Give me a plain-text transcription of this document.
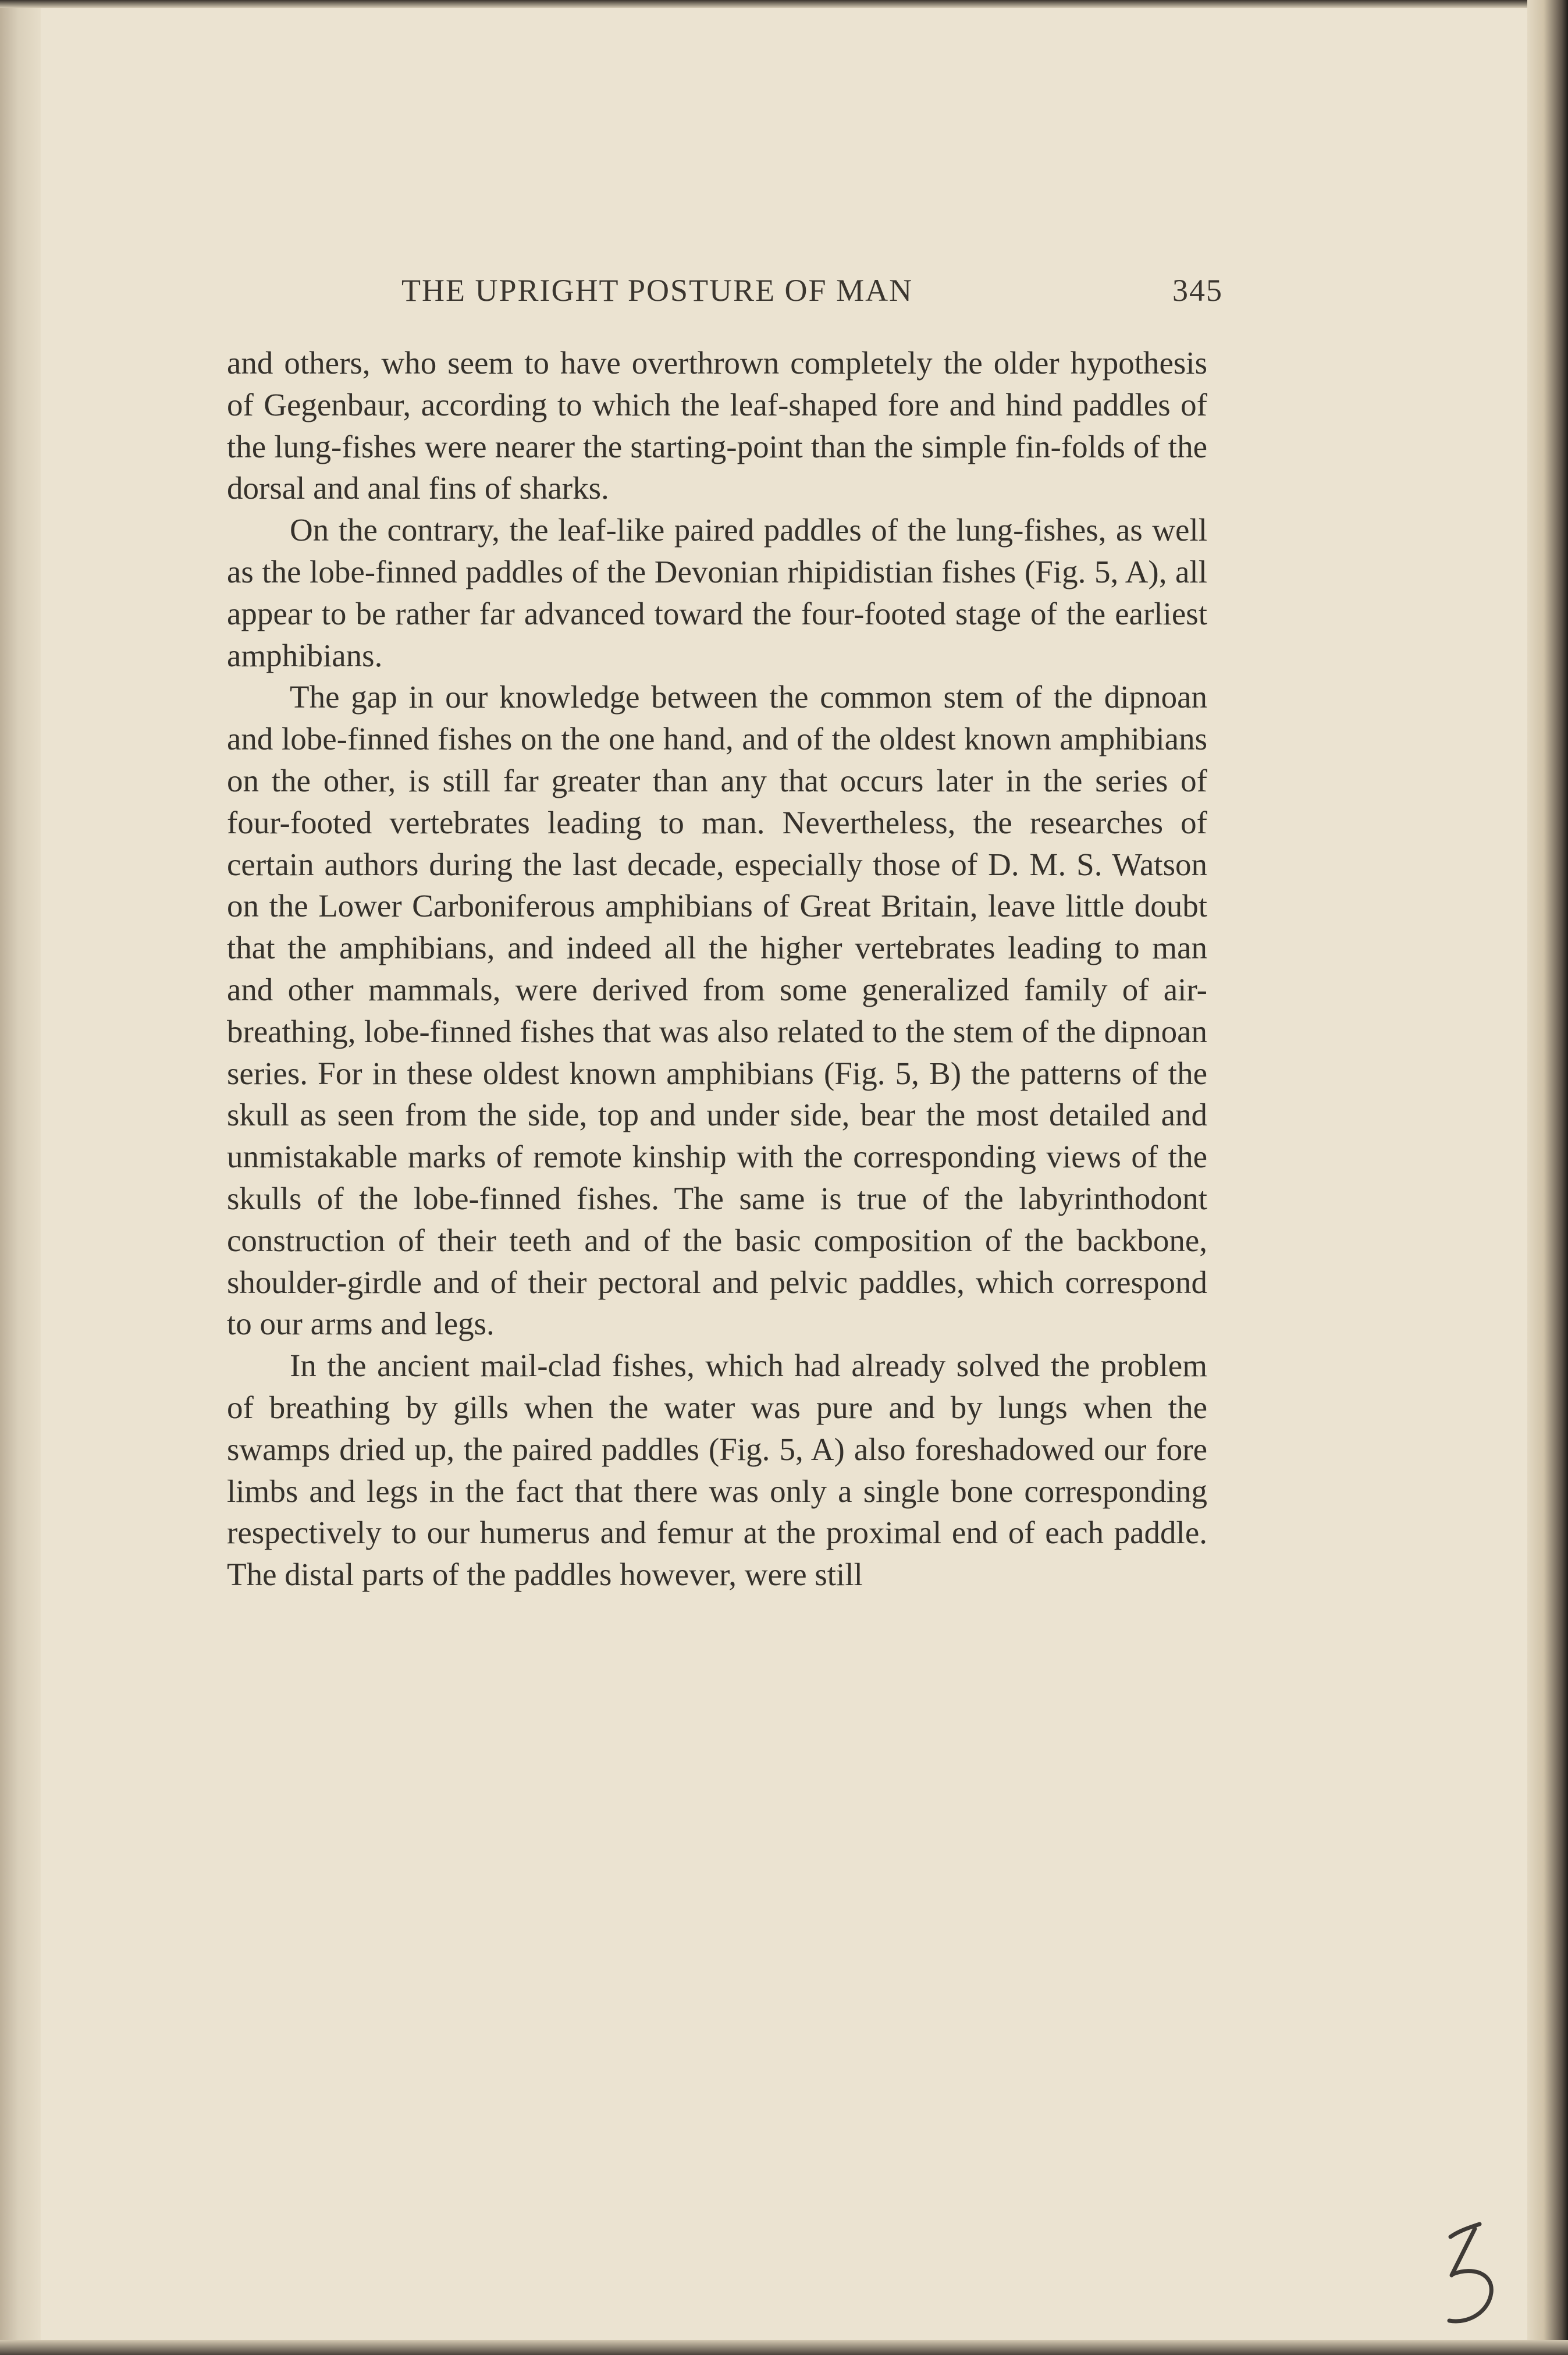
THE UPRIGHT POSTURE OF MAN	345

and others, who seem to have overthrown completely the older hypothesis of Gegenbaur, according to which the leaf-shaped fore and hind paddles of the lung-fishes were nearer the starting-point than the simple fin-folds of the dorsal and anal fins of sharks.

On the contrary, the leaf-like paired paddles of the lung-fishes, as well as the lobe-finned paddles of the Devonian rhipidistian fishes (Fig. 5, A), all appear to be rather far advanced toward the four-footed stage of the earliest amphibians.

The gap in our knowledge between the common stem of the dipnoan and lobe-finned fishes on the one hand, and of the oldest known amphibians on the other, is still far greater than any that occurs later in the series of four-footed vertebrates leading to man. Nevertheless, the researches of certain authors during the last decade, especially those of D. M. S. Watson on the Lower Carboniferous amphibians of Great Britain, leave little doubt that the amphibians, and indeed all the higher vertebrates leading to man and other mammals, were derived from some generalized family of air-breathing, lobe-finned fishes that was also related to the stem of the dipnoan series. For in these oldest known amphibians (Fig. 5, B) the patterns of the skull as seen from the side, top and under side, bear the most detailed and unmistakable marks of remote kinship with the corresponding views of the skulls of the lobe-finned fishes. The same is true of the labyrinthodont construction of their teeth and of the basic composition of the backbone, shoulder-girdle and of their pectoral and pelvic paddles, which correspond to our arms and legs.

In the ancient mail-clad fishes, which had already solved the problem of breathing by gills when the water was pure and by lungs when the swamps dried up, the paired paddles (Fig. 5, A) also foreshadowed our fore limbs and legs in the fact that there was only a single bone corresponding respectively to our humerus and femur at the proximal end of each paddle. The distal parts of the paddles however, were still
